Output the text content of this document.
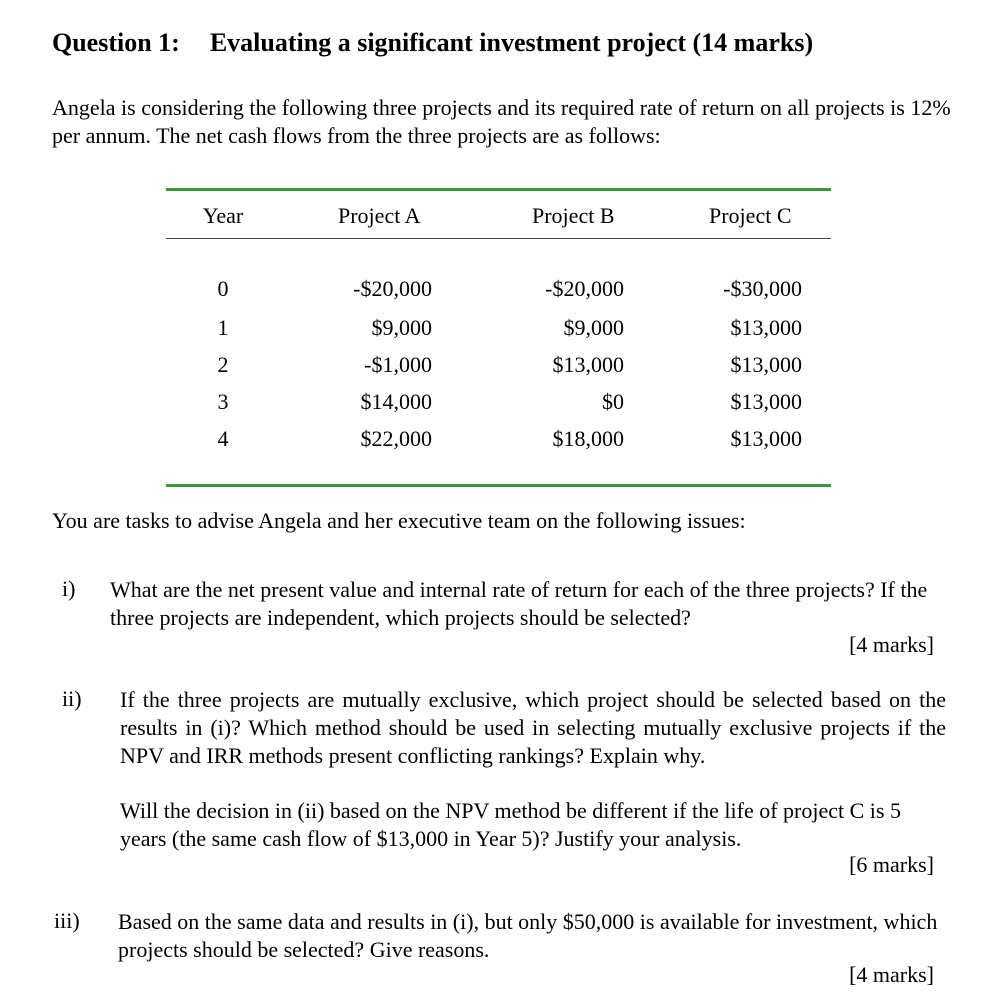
Question 1: Evaluating a significant investment project (14 marks)
Angela is considering the following three projects and its required rate of return on all projects is 12% per annum. The net cash flows from the three projects are as follows:
Year	Project A	Project B	Project C
0	-$20,000	-$20,000	-$30,000
1	$9,000	$9,000	$13,000
2	-$1,000	$13,000	$13,000
3	$14,000	$0	$13,000
4	$22,000	$18,000	$13,000
You are tasks to advise Angela and her executive team on the following issues:
i) What are the net present value and internal rate of return for each of the three projects? If the three projects are independent, which projects should be selected?
[4 marks]
ii) If the three projects are mutually exclusive, which project should be selected based on the results in (i)? Which method should be used in selecting mutually exclusive projects if the NPV and IRR methods present conflicting rankings? Explain why.
Will the decision in (ii) based on the NPV method be different if the life of project C is 5 years (the same cash flow of $13,000 in Year 5)? Justify your analysis.
[6 marks]
iii) Based on the same data and results in (i), but only $50,000 is available for investment, which projects should be selected? Give reasons.
[4 marks]
